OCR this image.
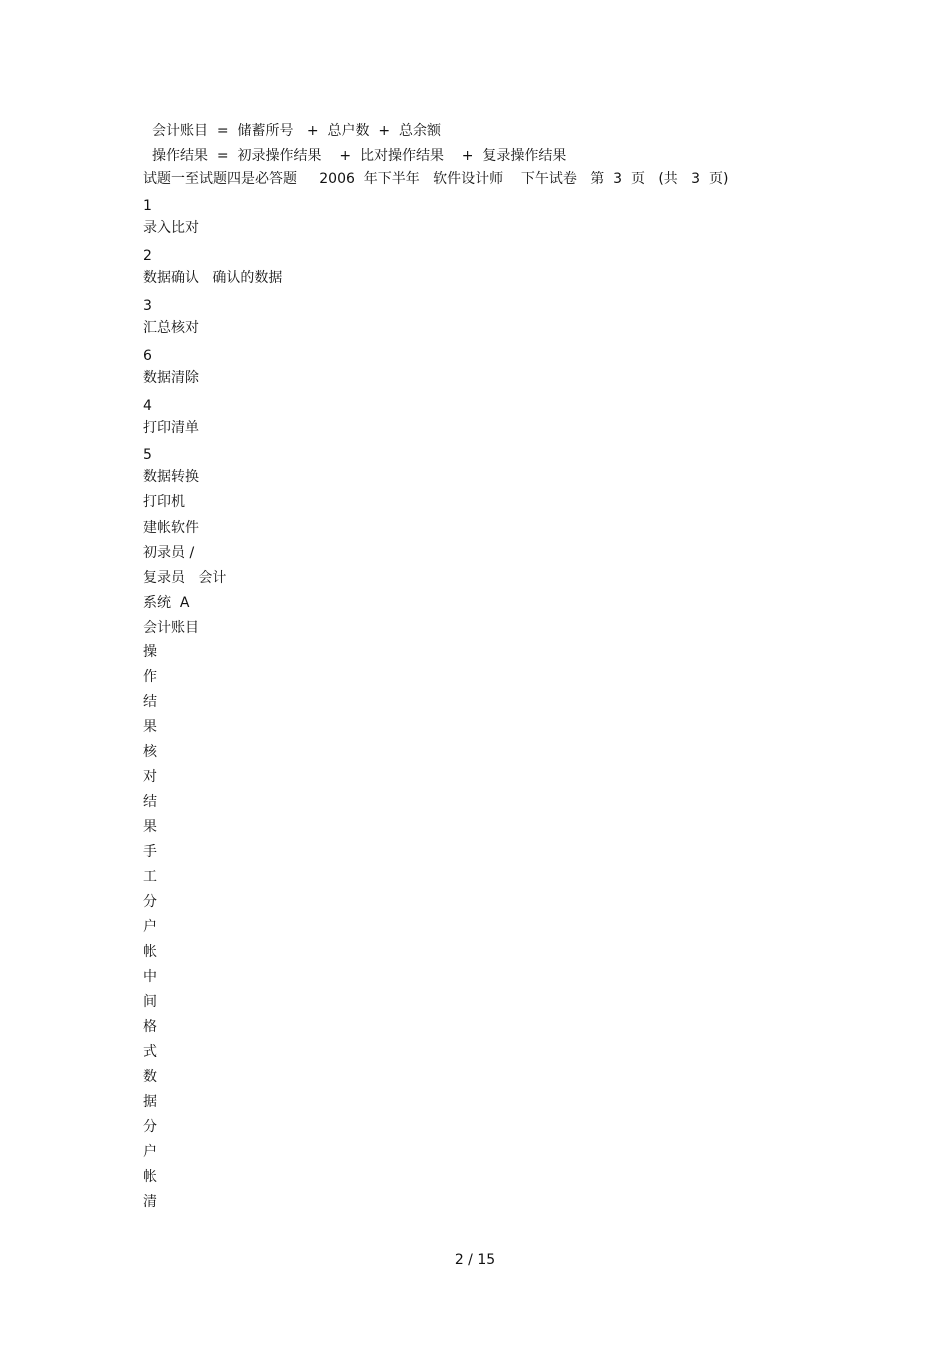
会计账目  =  储蓄所号   +  总户数  +  总余额
操作结果  =  初录操作结果    +  比对操作结果    +  复录操作结果
试题一至试题四是必答题     2006  年下半年   软件设计师    下午试卷   第  3  页   (共   3  页)
1
录入比对
2
数据确认   确认的数据
3
汇总核对
6
数据清除
4
打印清单
5
数据转换
打印机
建帐软件
初录员 /
复录员   会计
系统  A
会计账目
操
作
结
果
核
对
结
果
手
工
分
户
帐
中
间
格
式
数
据
分
户
帐
清
2 / 15
